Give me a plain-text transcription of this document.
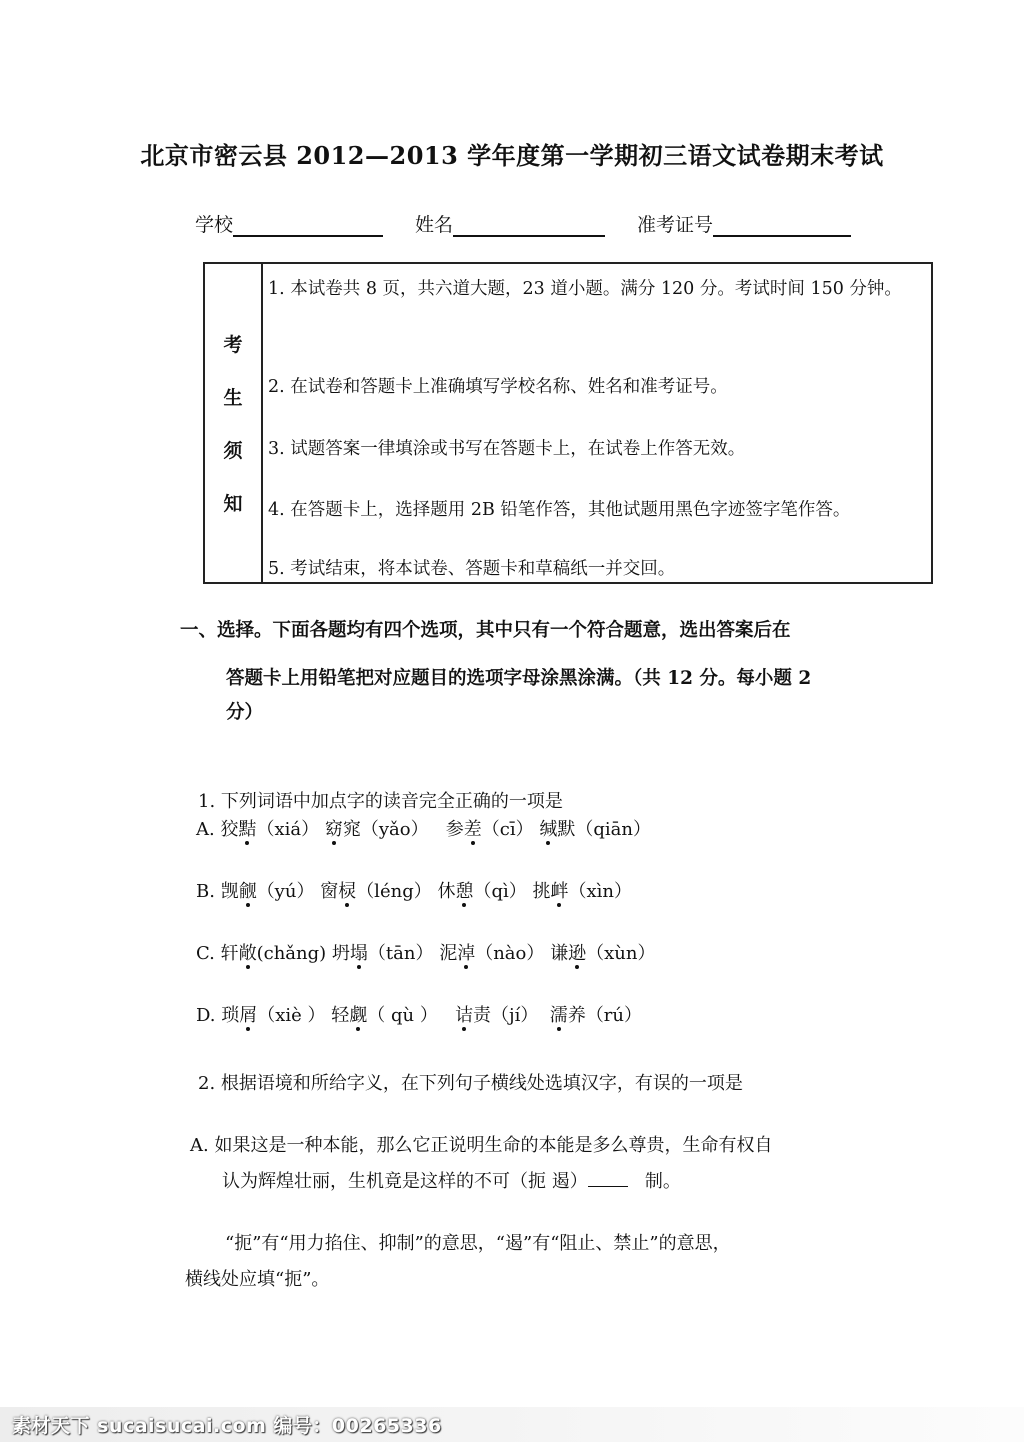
北京市密云县 2012—2013 学年度第一学期初三语文试卷期末考试
学校	姓名	准考证号
考
生
须
知
1. 本试卷共 8 页，共六道大题，23 道小题。满分 120 分。考试时间 150 分钟。
2. 在试卷和答题卡上准确填写学校名称、姓名和准考证号。
3. 试题答案一律填涂或书写在答题卡上，在试卷上作答无效。
4. 在答题卡上，选择题用 2B 铅笔作答，其他试题用黑色字迹签字笔作答。
5. 考试结束，将本试卷、答题卡和草稿纸一并交回。
一、选择。下面各题均有四个选项，其中只有一个符合题意，选出答案后在
答题卡上用铅笔把对应题目的选项字母涂黑涂满。（共 12 分。每小题 2
分）
1. 下列词语中加点字的读音完全正确的一项是
A. 狡黠（xiá） 窈窕（yǎo） 参差（cī） 缄默（qiān）
B. 觊觎（yú） 窗棂（léng） 休憩（qì） 挑衅（xìn）
C. 轩敞(chǎng) 坍塌（tān） 泥淖（nào） 谦逊（xùn）
D. 琐屑（xiè ） 轻觑（ qù ） 诘责（jí） 濡养（rú）
2. 根据语境和所给字义，在下列句子横线处选填汉字，有误的一项是
A. 如果这是一种本能，那么它正说明生命的本能是多么尊贵，生命有权自
认为辉煌壮丽，生机竟是这样的不可（扼 遏）	制。
“扼”有“用力掐住、抑制”的意思，“遏”有“阻止、禁止”的意思，
横线处应填“扼”。
素材天下 sucaisucai.com 编号：00265336
